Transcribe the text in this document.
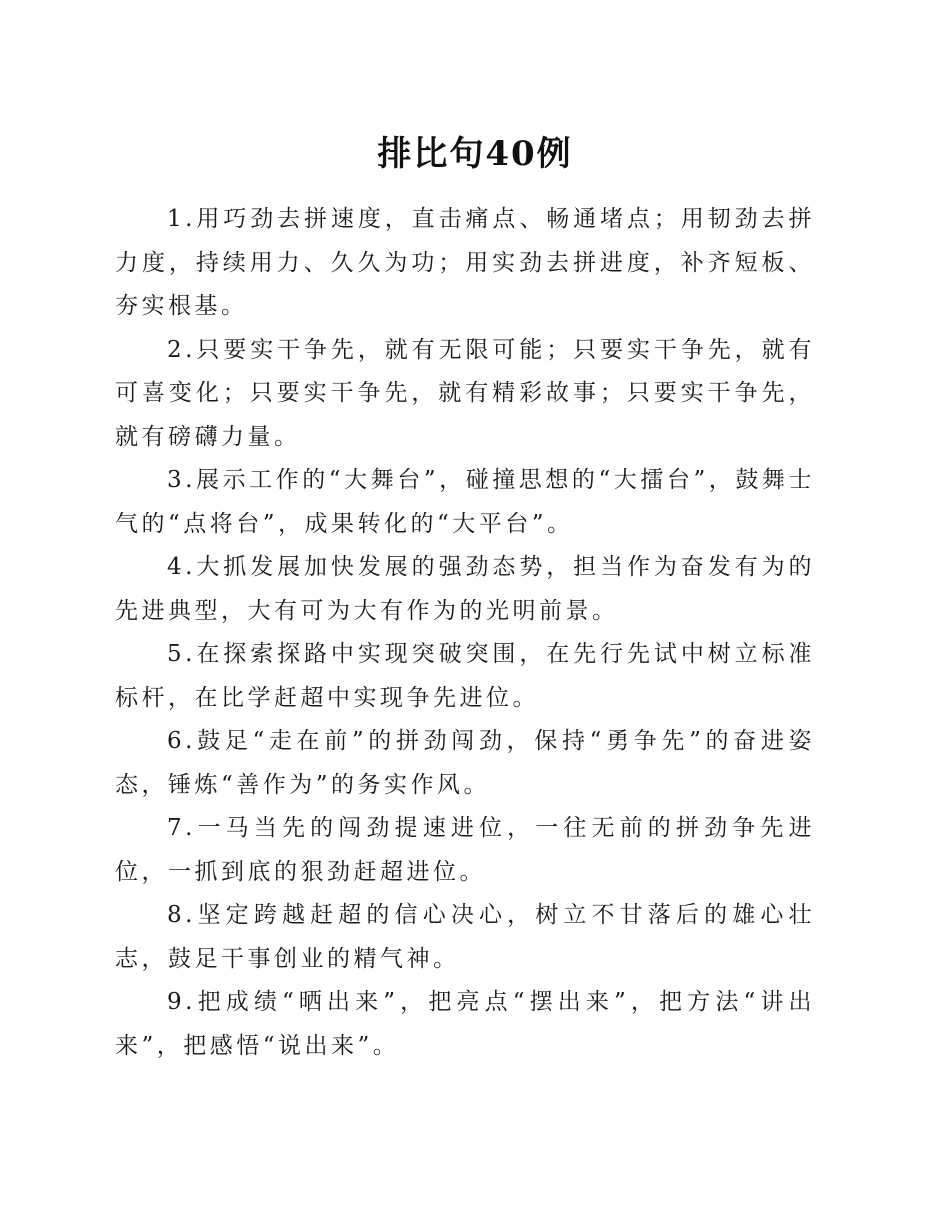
排比句40例

1.用巧劲去拼速度，直击痛点、畅通堵点；用韧劲去拼力度，持续用力、久久为功；用实劲去拼进度，补齐短板、夯实根基。

2.只要实干争先，就有无限可能；只要实干争先，就有可喜变化；只要实干争先，就有精彩故事；只要实干争先，就有磅礴力量。

3.展示工作的“大舞台”，碰撞思想的“大擂台”，鼓舞士气的“点将台”，成果转化的“大平台”。

4.大抓发展加快发展的强劲态势，担当作为奋发有为的先进典型，大有可为大有作为的光明前景。

5.在探索探路中实现突破突围，在先行先试中树立标准标杆，在比学赶超中实现争先进位。

6.鼓足“走在前”的拼劲闯劲，保持“勇争先”的奋进姿态，锤炼“善作为”的务实作风。

7.一马当先的闯劲提速进位，一往无前的拼劲争先进位，一抓到底的狠劲赶超进位。

8.坚定跨越赶超的信心决心，树立不甘落后的雄心壮志，鼓足干事创业的精气神。

9.把成绩“晒出来”，把亮点“摆出来”，把方法“讲出来”，把感悟“说出来”。
